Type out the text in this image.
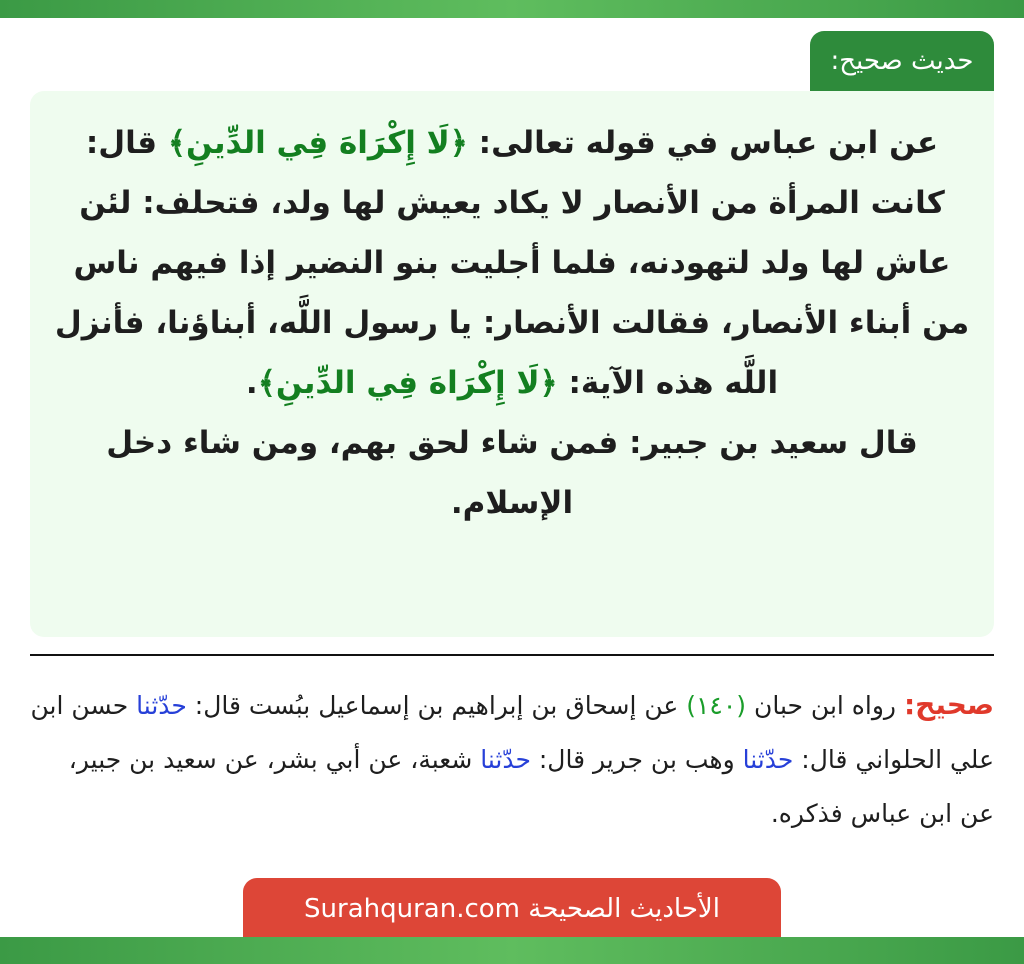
حديث صحيح:

عن ابن عباس في قوله تعالى: ﴿لَا إِكْرَاهَ فِي الدِّينِ﴾ قال: كانت المرأة من الأنصار لا يكاد يعيش لها ولد، فتحلف: لئن عاش لها ولد لتهودنه، فلما أجليت بنو النضير إذا فيهم ناس من أبناء الأنصار، فقالت الأنصار: يا رسول اللَّه، أبناؤنا، فأنزل اللَّه هذه الآية: ﴿لَا إِكْرَاهَ فِي الدِّينِ﴾.
قال سعيد بن جبير: فمن شاء لحق بهم، ومن شاء دخل الإسلام.

صحيح: رواه ابن حبان (١٤٠) عن إسحاق بن إبراهيم بن إسماعيل ببُست قال: حدّثنا حسن ابن علي الحلواني قال: حدّثنا وهب بن جرير قال: حدّثنا شعبة، عن أبي بشر، عن سعيد بن جبير، عن ابن عباس فذكره.

الأحاديث الصحيحة Surahquran.com
